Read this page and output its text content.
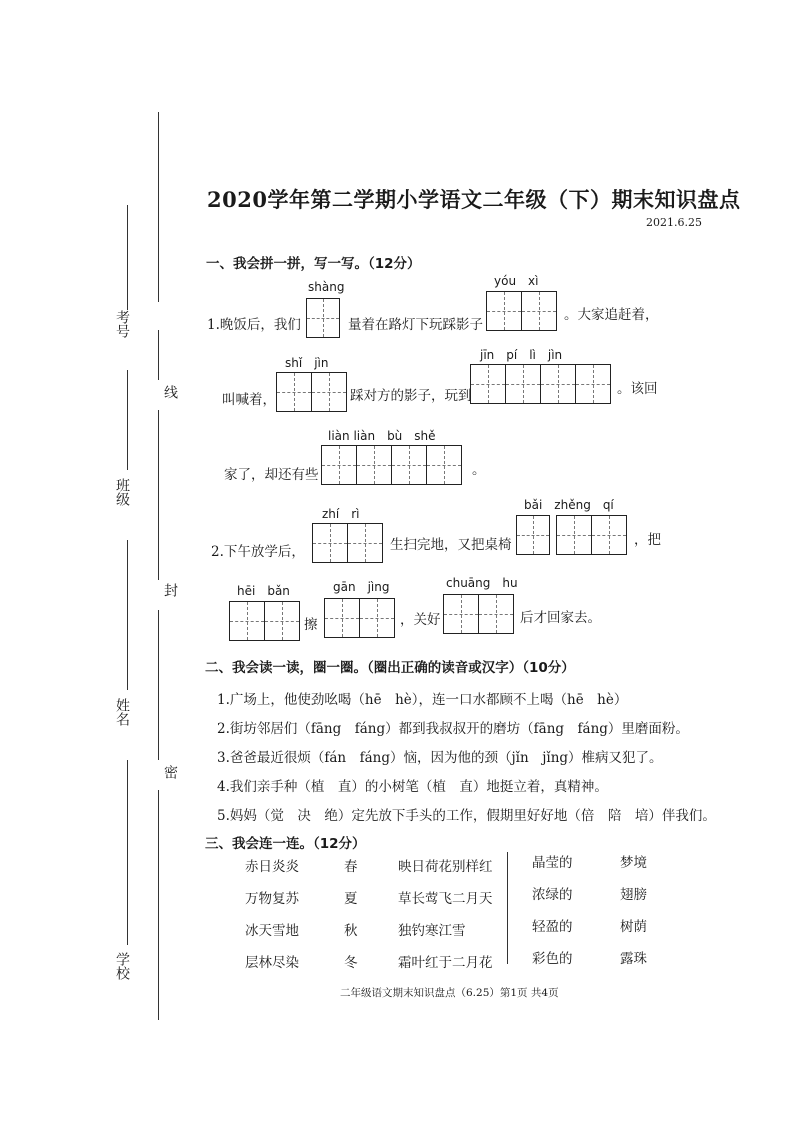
线
封
密
考号
班级
姓名
学校
2020学年第二学期小学语文二年级（下）期末知识盘点
2021.6.25
一、我会拼一拼，写一写。（12分）
1.晚饭后，我们
shàng
量着在路灯下玩踩影子
yóu　xì
。大家追赶着，
叫喊着，
shǐ　jìn
踩对方的影子，玩到
jīn　pí　lì　jìn
。该回
家了，却还有些
liàn liàn　bù　shě
。
2.下午放学后，
zhí　rì
生扫完地，又把桌椅
bǎi　zhěng　qí
，把
hēi　bǎn
擦
gān　jìng
，关好
chuāng　hu
后才回家去。
二、我会读一读，圈一圈。（圈出正确的读音或汉字）（10分）
1.广场上，他使劲吆喝（hē　hè），连一口水都顾不上喝（hē　hè）
2.街坊邻居们（fāng　fáng）都到我叔叔开的磨坊（fāng　fáng）里磨面粉。
3.爸爸最近很烦（fán　fáng）恼，因为他的颈（jǐn　jǐng）椎病又犯了。
4.我们亲手种（植　直）的小树笔（植　直）地挺立着，真精神。
5.妈妈（觉　决　绝）定先放下手头的工作，假期里好好地（倍　陪　培）伴我们。
三、我会连一连。（12分）
赤日炎炎
万物复苏
冰天雪地
层林尽染
春
夏
秋
冬
映日荷花别样红
草长莺飞二月天
独钓寒江雪
霜叶红于二月花
晶莹的
浓绿的
轻盈的
彩色的
梦境
翅膀
树荫
露珠
二年级语文期末知识盘点（6.25）第1页 共4页
